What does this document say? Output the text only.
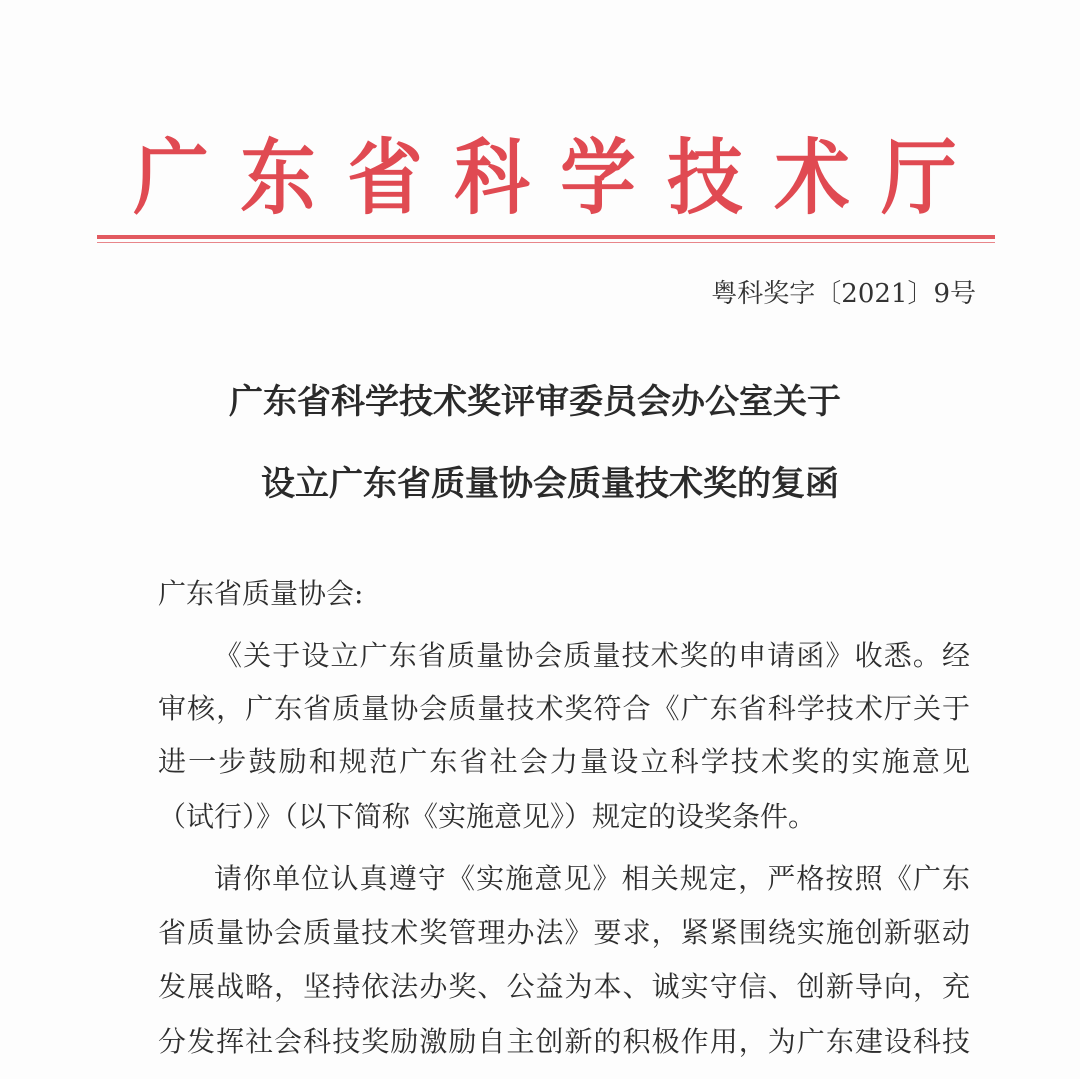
广 东 省 科 学 技 术 厅
粤科奖字〔2021〕9号
广东省科学技术奖评审委员会办公室关于
设立广东省质量协会质量技术奖的复函
广东省质量协会:
《关于设立广东省质量协会质量技术奖的申请函》收悉。经
审核，广东省质量协会质量技术奖符合《广东省科学技术厅关于
进一步鼓励和规范广东省社会力量设立科学技术奖的实施意见
（试行）》（以下简称《实施意见》）规定的设奖条件。
请你单位认真遵守《实施意见》相关规定，严格按照《广东
省质量协会质量技术奖管理办法》要求，紧紧围绕实施创新驱动
发展战略，坚持依法办奖、公益为本、诚实守信、创新导向，充
分发挥社会科技奖励激励自主创新的积极作用，为广东建设科技
